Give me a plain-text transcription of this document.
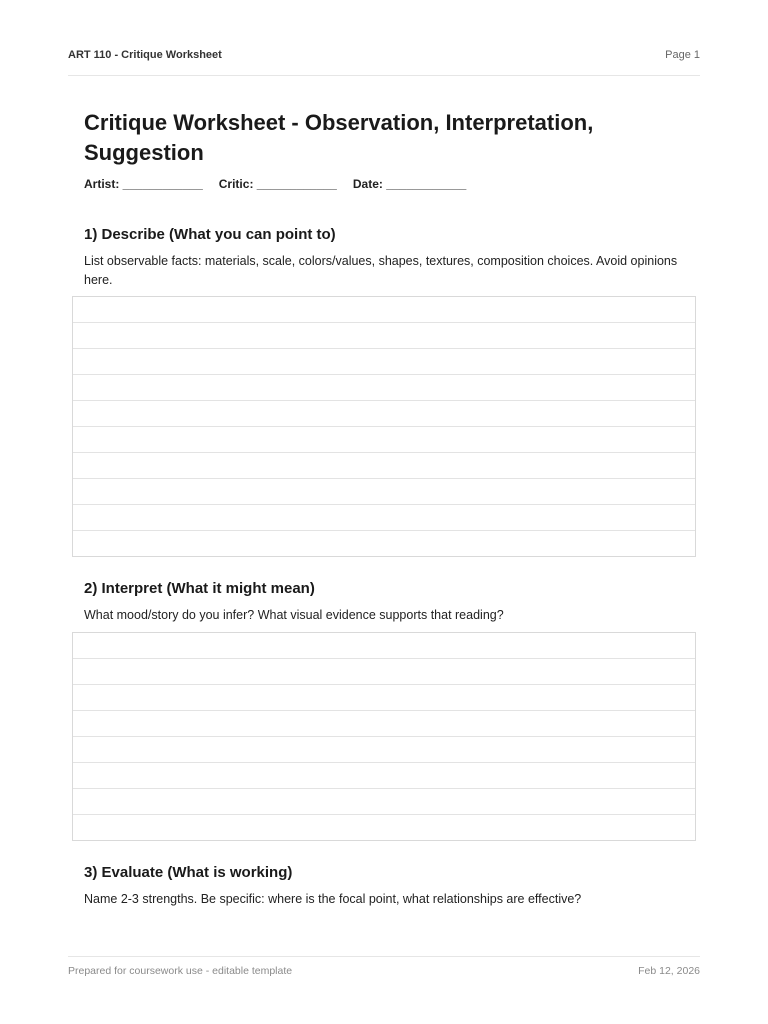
ART 110 - Critique Worksheet	Page 1
Critique Worksheet - Observation, Interpretation, Suggestion
Artist: ____________ Critic: ____________ Date: ____________
1) Describe (What you can point to)

List observable facts: materials, scale, colors/values, shapes, textures, composition choices. Avoid opinions here.

2) Interpret (What it might mean)

What mood/story do you infer? What visual evidence supports that reading?

3) Evaluate (What is working)

Name 2-3 strengths. Be specific: where is the focal point, what relationships are effective?

Prepared for coursework use - editable template	Feb 12, 2026
